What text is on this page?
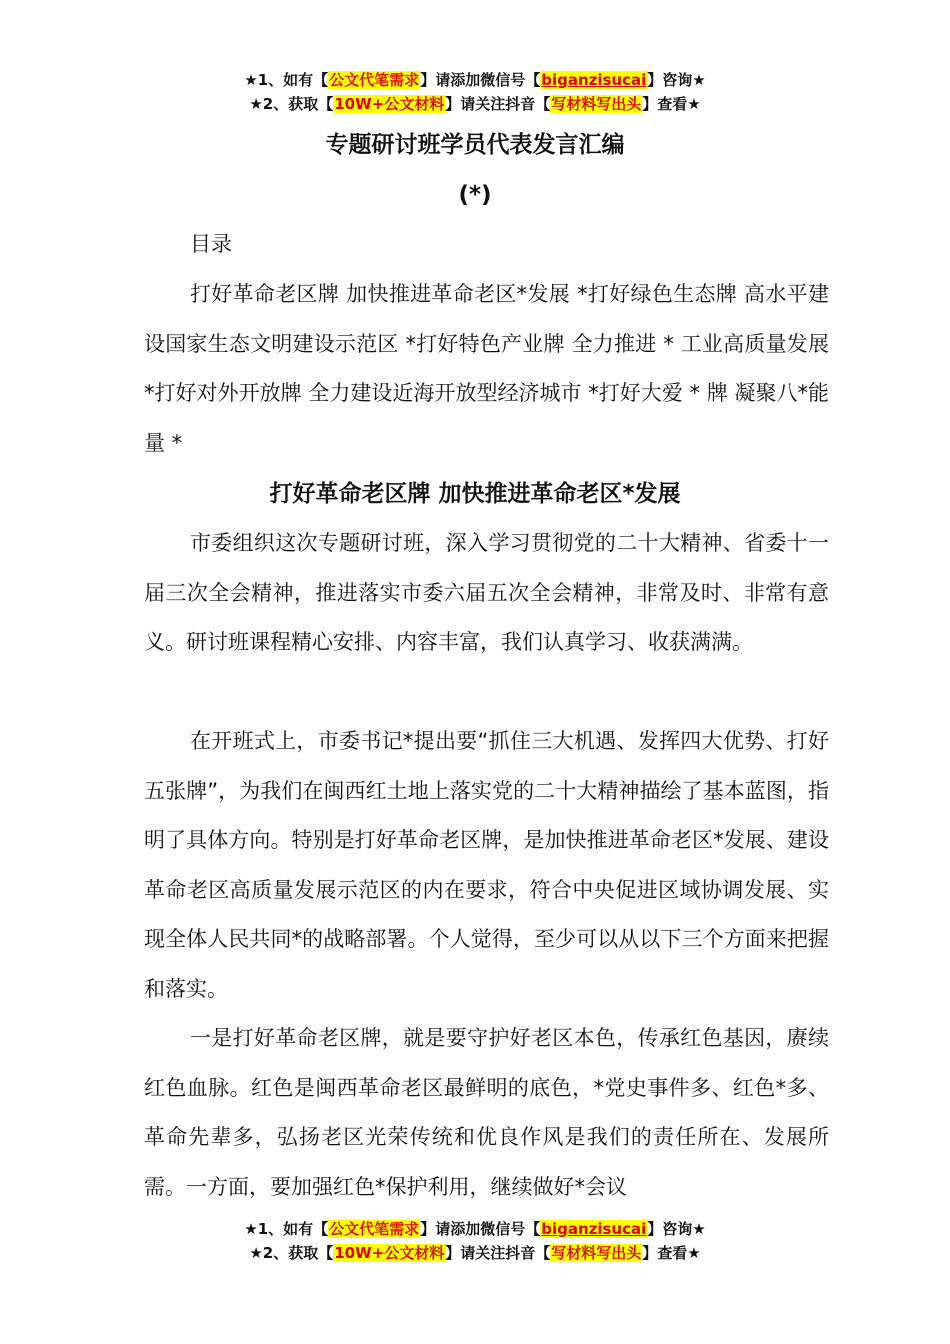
★1、如有【公文代笔需求】请添加微信号【biganzisucai】咨询★
★2、获取【10W+公文材料】请关注抖音【写材料写出头】查看★
专题研讨班学员代表发言汇编
(*)
目录
打好革命老区牌 加快推进革命老区*发展 *打好绿色生态牌 高水平建设国家生态文明建设示范区 *打好特色产业牌 全力推进 * 工业高质量发展 *打好对外开放牌 全力建设近海开放型经济城市 *打好大爱 * 牌 凝聚八*能量 *
打好革命老区牌 加快推进革命老区*发展
市委组织这次专题研讨班，深入学习贯彻党的二十大精神、省委十一届三次全会精神，推进落实市委六届五次全会精神，非常及时、非常有意义。研讨班课程精心安排、内容丰富，我们认真学习、收获满满。
在开班式上，市委书记*提出要“抓住三大机遇、发挥四大优势、打好五张牌”，为我们在闽西红土地上落实党的二十大精神描绘了基本蓝图，指明了具体方向。特别是打好革命老区牌，是加快推进革命老区*发展、建设革命老区高质量发展示范区的内在要求，符合中央促进区域协调发展、实现全体人民共同*的战略部署。个人觉得，至少可以从以下三个方面来把握和落实。
一是打好革命老区牌，就是要守护好老区本色，传承红色基因，赓续红色血脉。红色是闽西革命老区最鲜明的底色，*党史事件多、红色*多、革命先辈多，弘扬老区光荣传统和优良作风是我们的责任所在、发展所需。一方面，要加强红色*保护利用，继续做好*会议
★1、如有【公文代笔需求】请添加微信号【biganzisucai】咨询★
★2、获取【10W+公文材料】请关注抖音【写材料写出头】查看★
